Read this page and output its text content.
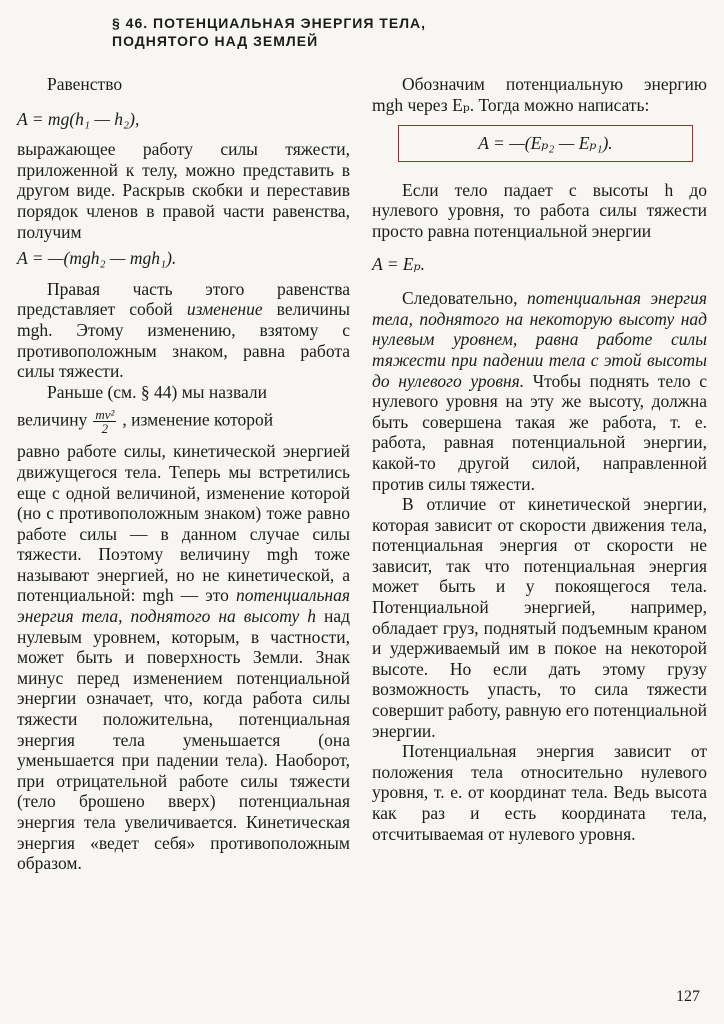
§ 46. ПОТЕНЦИАЛЬНАЯ ЭНЕРГИЯ ТЕЛА,
ПОДНЯТОГО НАД ЗЕМЛЕЙ

Равенство

A = mg(h₁ — h₂),

выражающее работу силы тяжести, приложенной к телу, можно представить в другом виде. Раскрыв скобки и переставив порядок членов в правой части равенства, получим

A = —(mgh₂ — mgh₁).

Правая часть этого равенства представляет собой изменение величины mgh. Этому изменению, взятому с противоположным знаком, равна работа силы тяжести.

Раньше (см. § 44) мы назвали

величину $\frac{\text{mv²}}{2}$ , изменение которой

равно работе силы, кинетической энергией движущегося тела. Теперь мы встретились еще с одной величиной, изменение которой (но с противоположным знаком) тоже равно работе силы — в данном случае силы тяжести. Поэтому величину mgh тоже называют энергией, но не кинетической, а потенциальной: mgh — это потенциальная энергия тела, поднятого на высоту h над нулевым уровнем, которым, в частности, может быть и поверхность Земли. Знак минус перед изменением потенциальной энергии означает, что, когда работа силы тяжести положительна, потенциальная энергия тела уменьшается (она уменьшается при падении тела). Наоборот, при отрицательной работе силы тяжести (тело брошено вверх) потенциальная энергия тела увеличивается. Кинетическая энергия «ведет себя» противоположным образом.

Обозначим потенциальную энергию mgh через Eₚ. Тогда можно написать:

A = —(Eₚ₂ — Eₚ₁).

Если тело падает с высоты h до нулевого уровня, то работа силы тяжести просто равна потенциальной энергии

A = Eₚ.

Следовательно, потенциальная энергия тела, поднятого на некоторую высоту над нулевым уровнем, равна работе силы тяжести при падении тела с этой высоты до нулевого уровня. Чтобы поднять тело с нулевого уровня на эту же высоту, должна быть совершена такая же работа, т. е. работа, равная потенциальной энергии, какой-то другой силой, направленной против силы тяжести.

В отличие от кинетической энергии, которая зависит от скорости движения тела, потенциальная энергия от скорости не зависит, так что потенциальная энергия может быть и у покоящегося тела. Потенциальной энергией, например, обладает груз, поднятый подъемным краном и удерживаемый им в покое на некоторой высоте. Но если дать этому грузу возможность упасть, то сила тяжести совершит работу, равную его потенциальной энергии.

Потенциальная энергия зависит от положения тела относительно нулевого уровня, т. е. от координат тела. Ведь высота как раз и есть координата тела, отсчитываемая от нулевого уровня.

127
